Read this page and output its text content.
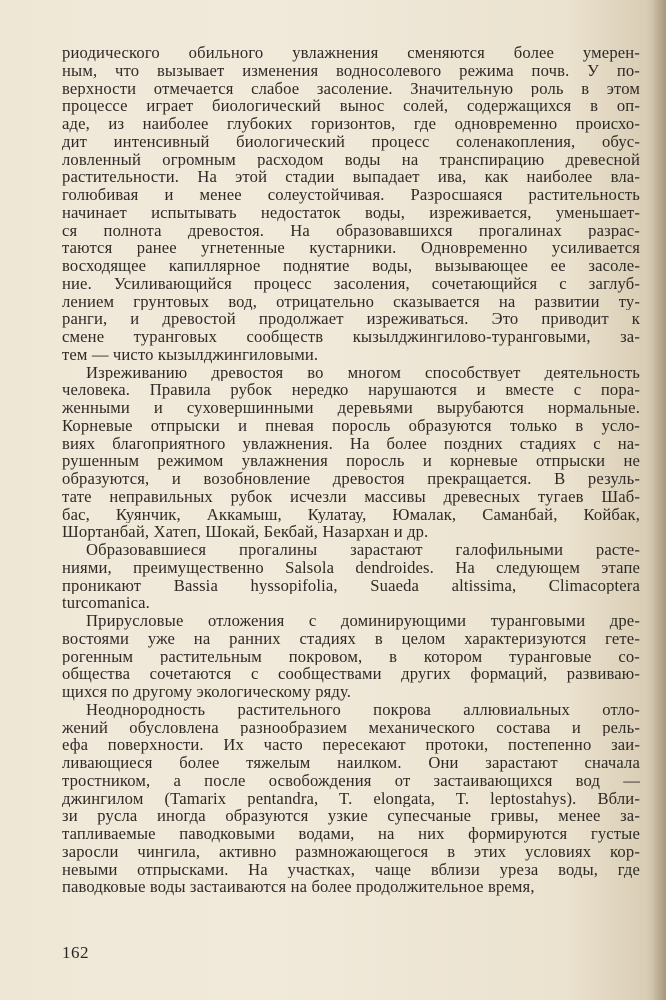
риодического обильного увлажнения сменяются более умерен-
ным, что вызывает изменения водносолевого режима почв. У по-
верхности отмечается слабое засоление. Значительную роль в этом
процессе играет биологический вынос солей, содержащихся в оп-
аде, из наиболее глубоких горизонтов, где одновременно происхо-
дит интенсивный биологический процесс соленакопления, обус-
ловленный огромным расходом воды на транспирацию древесной
растительности. На этой стадии выпадает ива, как наиболее вла-
голюбивая и менее солеустойчивая. Разросшаяся растительность
начинает испытывать недостаток воды, изреживается, уменьшает-
ся полнота древостоя. На образовавшихся прогалинах разрас-
таются ранее угнетенные кустарники. Одновременно усиливается
восходящее капиллярное поднятие воды, вызывающее ее засоле-
ние. Усиливающийся процесс засоления, сочетающийся с заглуб-
лением грунтовых вод, отрицательно сказывается на развитии ту-
ранги, и древостой продолжает изреживаться. Это приводит к
смене туранговых сообществ кызылджингилово-туранговыми, за-
тем — чисто кызылджингиловыми.
Изреживанию древостоя во многом способствует деятельность
человека. Правила рубок нередко нарушаются и вместе с пора-
женными и суховершинными деревьями вырубаются нормальные.
Корневые отпрыски и пневая поросль образуются только в усло-
виях благоприятного увлажнения. На более поздних стадиях с на-
рушенным режимом увлажнения поросль и корневые отпрыски не
образуются, и возобновление древостоя прекращается. В резуль-
тате неправильных рубок исчезли массивы древесных тугаев Шаб-
бас, Куянчик, Аккамыш, Кулатау, Юмалак, Саманбай, Койбак,
Шортанбай, Хатеп, Шокай, Бекбай, Назархан и др.
Образовавшиеся прогалины зарастают галофильными расте-
ниями, преимущественно Salsola dendroides. На следующем этапе
проникают Bassia hyssopifolia, Suaeda altissima, Climacoptera
turcomanica.
Прирусловые отложения с доминирующими туранговыми дре-
востоями уже на ранних стадиях в целом характеризуются гете-
рогенным растительным покровом, в котором туранговые со-
общества сочетаются с сообществами других формаций, развиваю-
щихся по другому экологическому ряду.
Неоднородность растительного покрова аллювиальных отло-
жений обусловлена разнообразием механического состава и рель-
ефа поверхности. Их часто пересекают протоки, постепенно заи-
ливающиеся более тяжелым наилком. Они зарастают сначала
тростником, а после освобождения от застаивающихся вод —
джингилом (Tamarix pentandra, T. elongata, T. leptostahys). Вбли-
зи русла иногда образуются узкие супесчаные гривы, менее за-
тапливаемые паводковыми водами, на них формируются густые
заросли чингила, активно размножающегося в этих условиях кор-
невыми отпрысками. На участках, чаще вблизи уреза воды, где
паводковые воды застаиваются на более продолжительное время,
162
